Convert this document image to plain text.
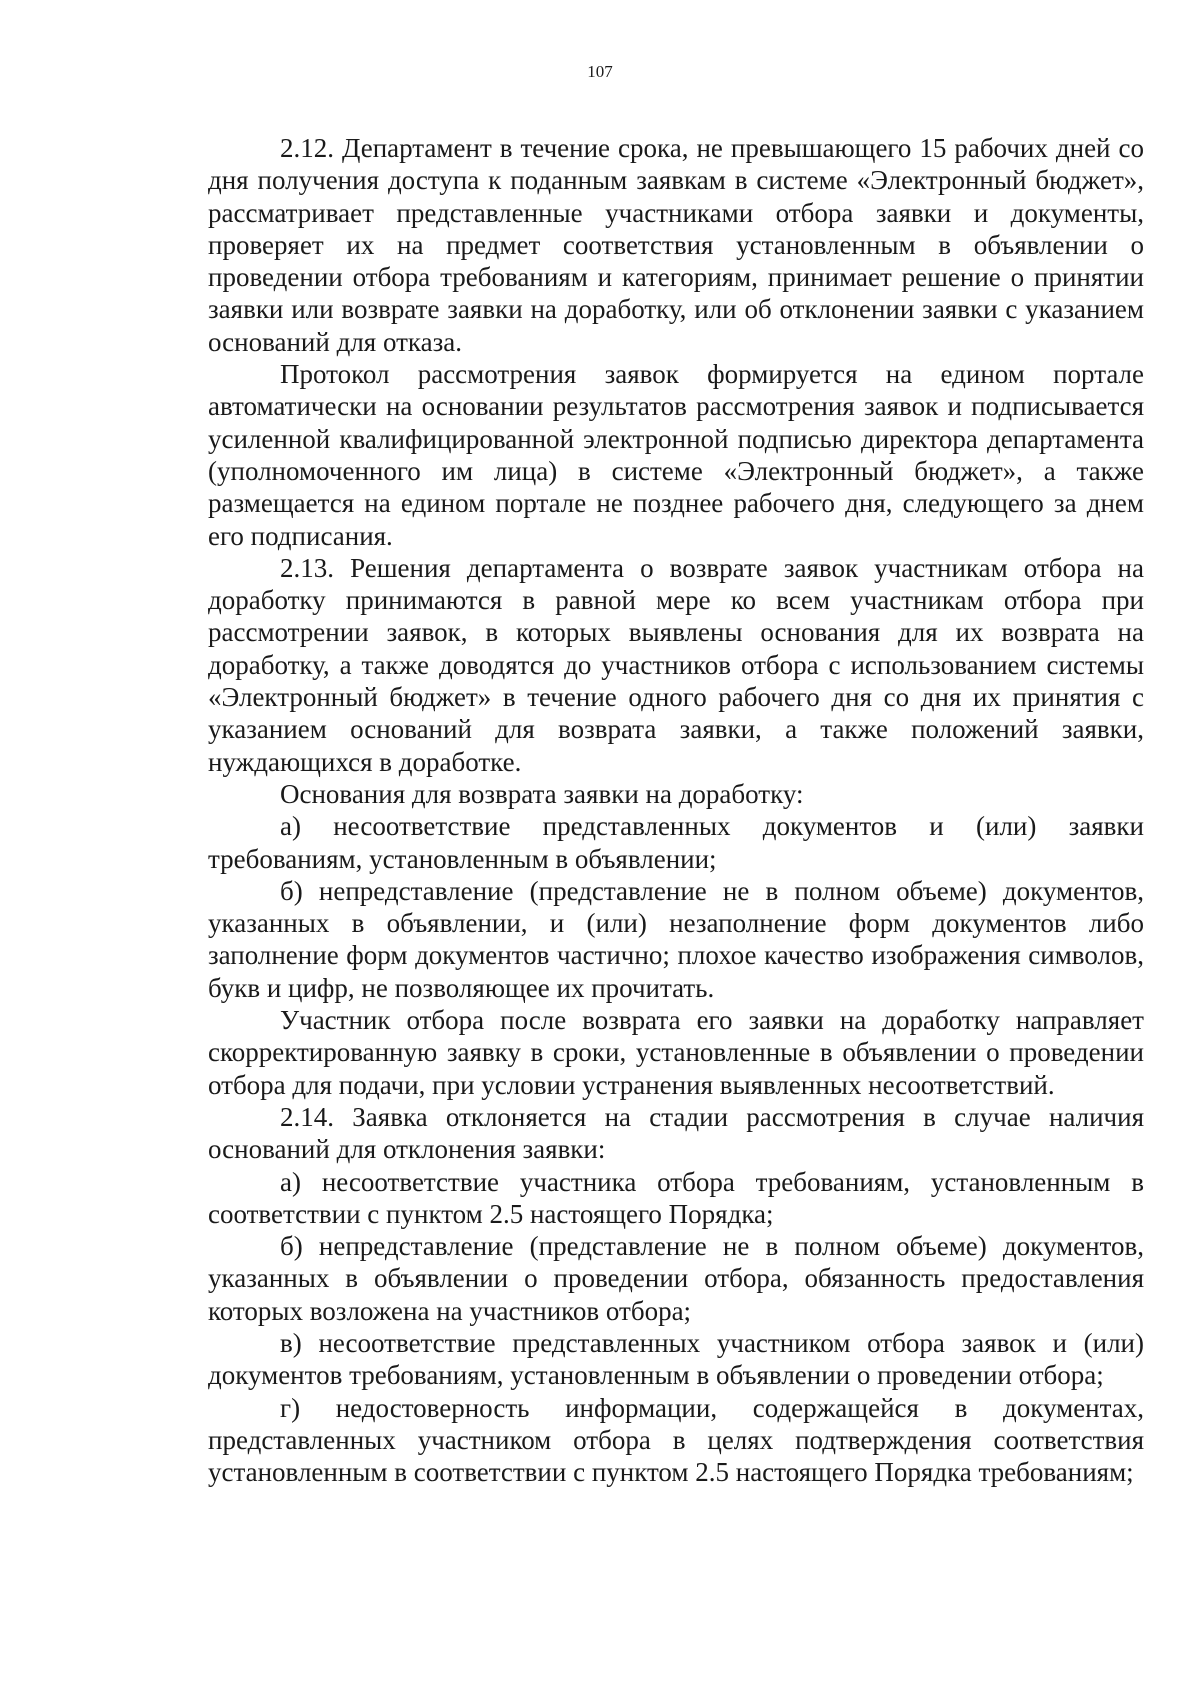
107

2.12. Департамент в течение срока, не превышающего 15 рабочих дней со дня получения доступа к поданным заявкам в системе «Электронный бюджет», рассматривает представленные участниками отбора заявки и документы, проверяет их на предмет соответствия установленным в объявлении о проведении отбора требованиям и категориям, принимает решение о принятии заявки или возврате заявки на доработку, или об отклонении заявки с указанием оснований для отказа.

Протокол рассмотрения заявок формируется на едином портале автоматически на основании результатов рассмотрения заявок и подписывается усиленной квалифицированной электронной подписью директора департамента (уполномоченного им лица) в системе «Электронный бюджет», а также размещается на едином портале не позднее рабочего дня, следующего за днем его подписания.

2.13. Решения департамента о возврате заявок участникам отбора на доработку принимаются в равной мере ко всем участникам отбора при рассмотрении заявок, в которых выявлены основания для их возврата на доработку, а также доводятся до участников отбора с использованием системы «Электронный бюджет» в течение одного рабочего дня со дня их принятия с указанием оснований для возврата заявки, а также положений заявки, нуждающихся в доработке.

Основания для возврата заявки на доработку:

а) несоответствие представленных документов и (или) заявки требованиям, установленным в объявлении;

б) непредставление (представление не в полном объеме) документов, указанных в объявлении, и (или) незаполнение форм документов либо заполнение форм документов частично; плохое качество изображения символов, букв и цифр, не позволяющее их прочитать.

Участник отбора после возврата его заявки на доработку направляет скорректированную заявку в сроки, установленные в объявлении о проведении отбора для подачи, при условии устранения выявленных несоответствий.

2.14. Заявка отклоняется на стадии рассмотрения в случае наличия оснований для отклонения заявки:

а) несоответствие участника отбора требованиям, установленным в соответствии с пунктом 2.5 настоящего Порядка;

б) непредставление (представление не в полном объеме) документов, указанных в объявлении о проведении отбора, обязанность предоставления которых возложена на участников отбора;

в) несоответствие представленных участником отбора заявок и (или) документов требованиям, установленным в объявлении о проведении отбора;

г) недостоверность информации, содержащейся в документах, представленных участником отбора в целях подтверждения соответствия установленным в соответствии с пунктом 2.5 настоящего Порядка требованиям;
